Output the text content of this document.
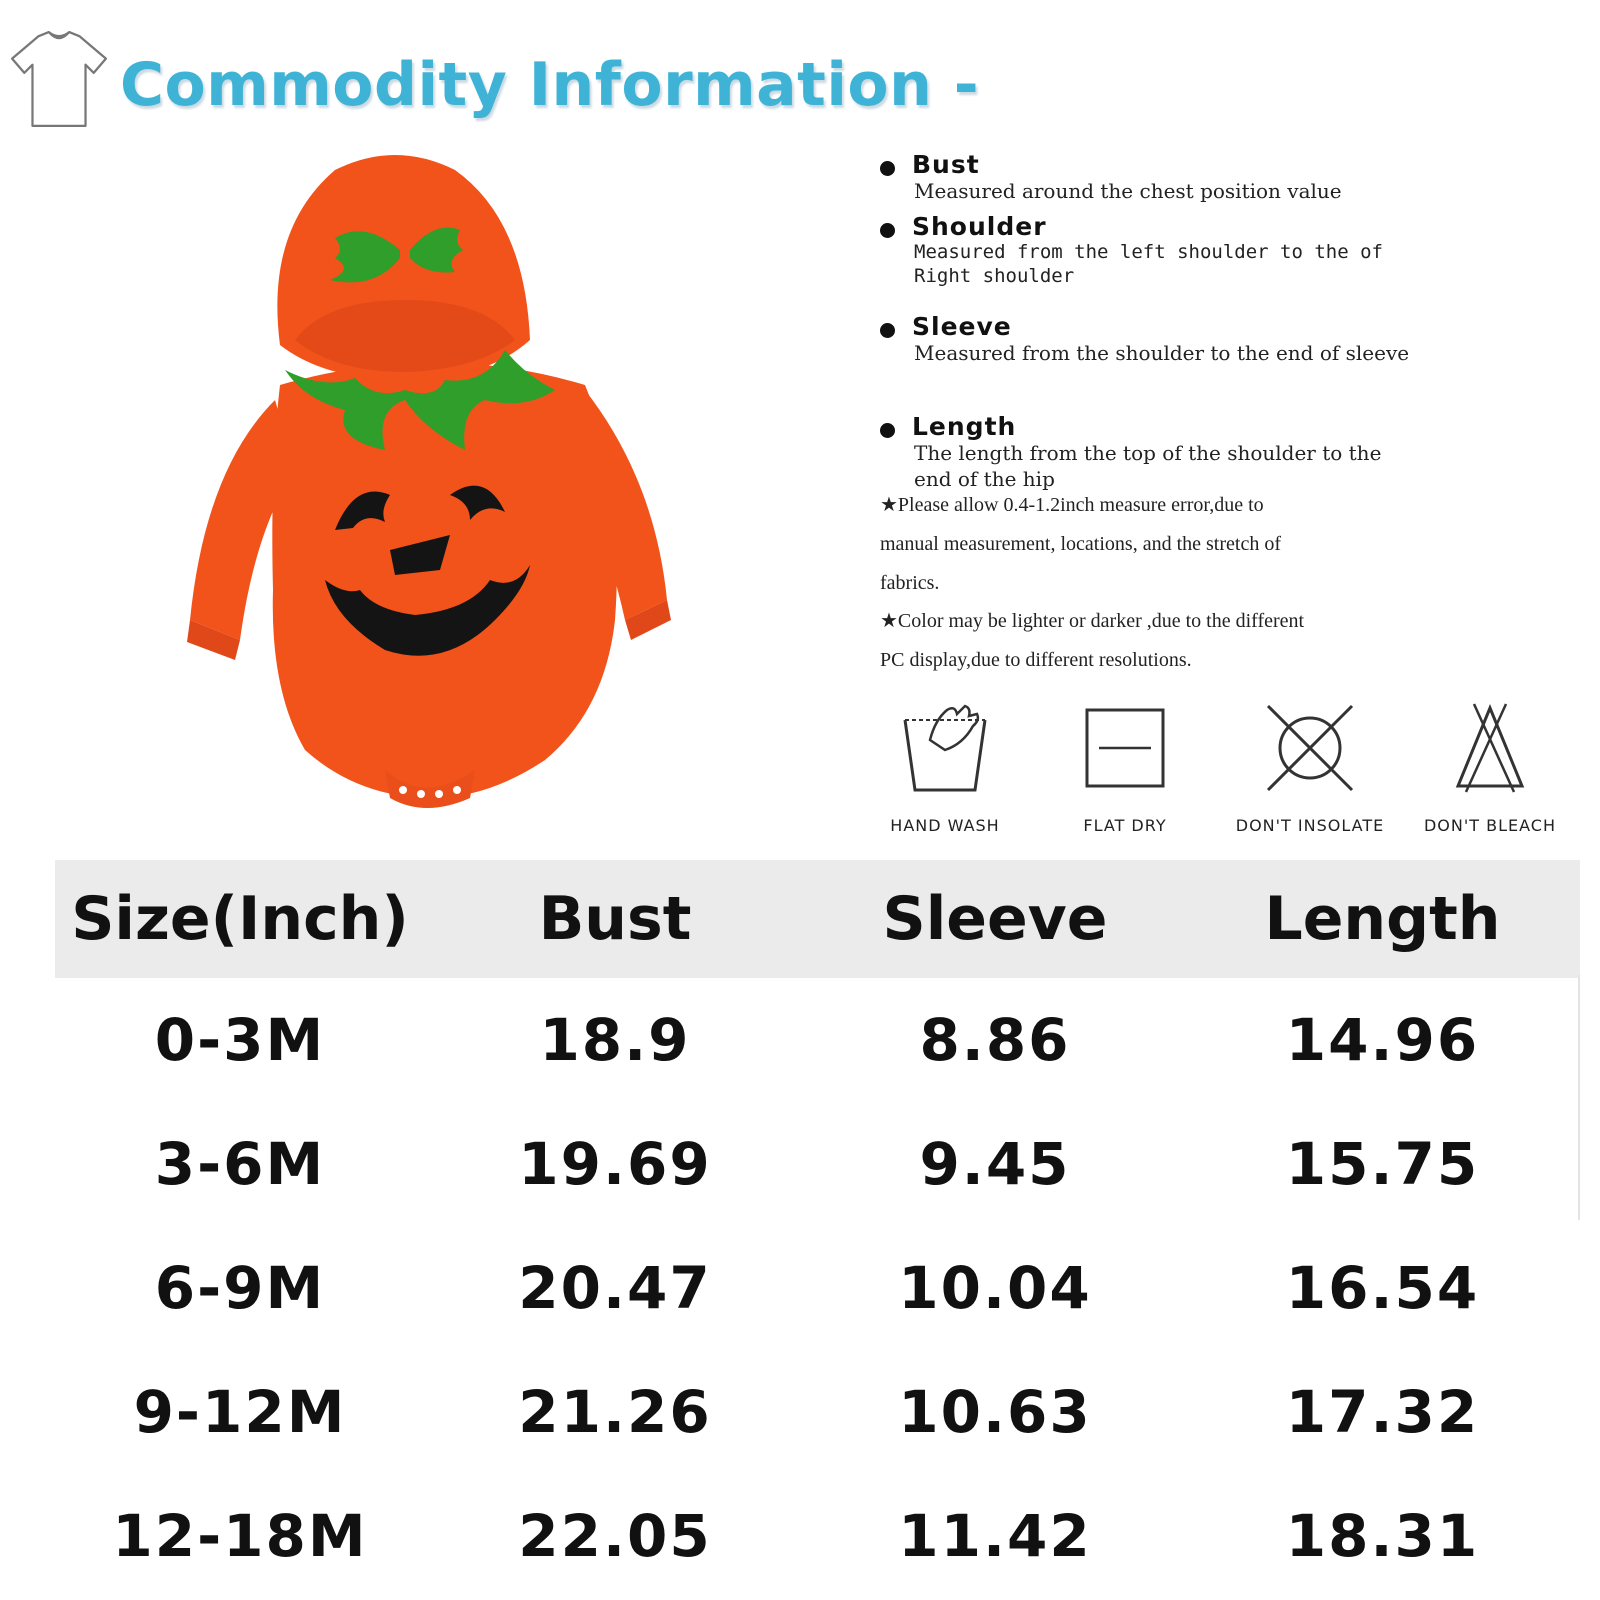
Commodity Information -
Bust
Measured around the chest position value
Shoulder
Measured from the left shoulder to the of Right shoulder
Sleeve
Measured from the shoulder to the end of sleeve
Length
The length from the top of the shoulder to the end of the hip
★Please allow 0.4-1.2inch measure error,due to manual measurement, locations, and the stretch of fabrics.
★Color may be lighter or darker ,due to the different PC display,due to different resolutions.
HAND WASH	FLAT DRY	DON'T INSOLATE	DON'T BLEACH
Size(Inch)	Bust	Sleeve	Length
0-3M	18.9	8.86	14.96
3-6M	19.69	9.45	15.75
6-9M	20.47	10.04	16.54
9-12M	21.26	10.63	17.32
12-18M	22.05	11.42	18.31
